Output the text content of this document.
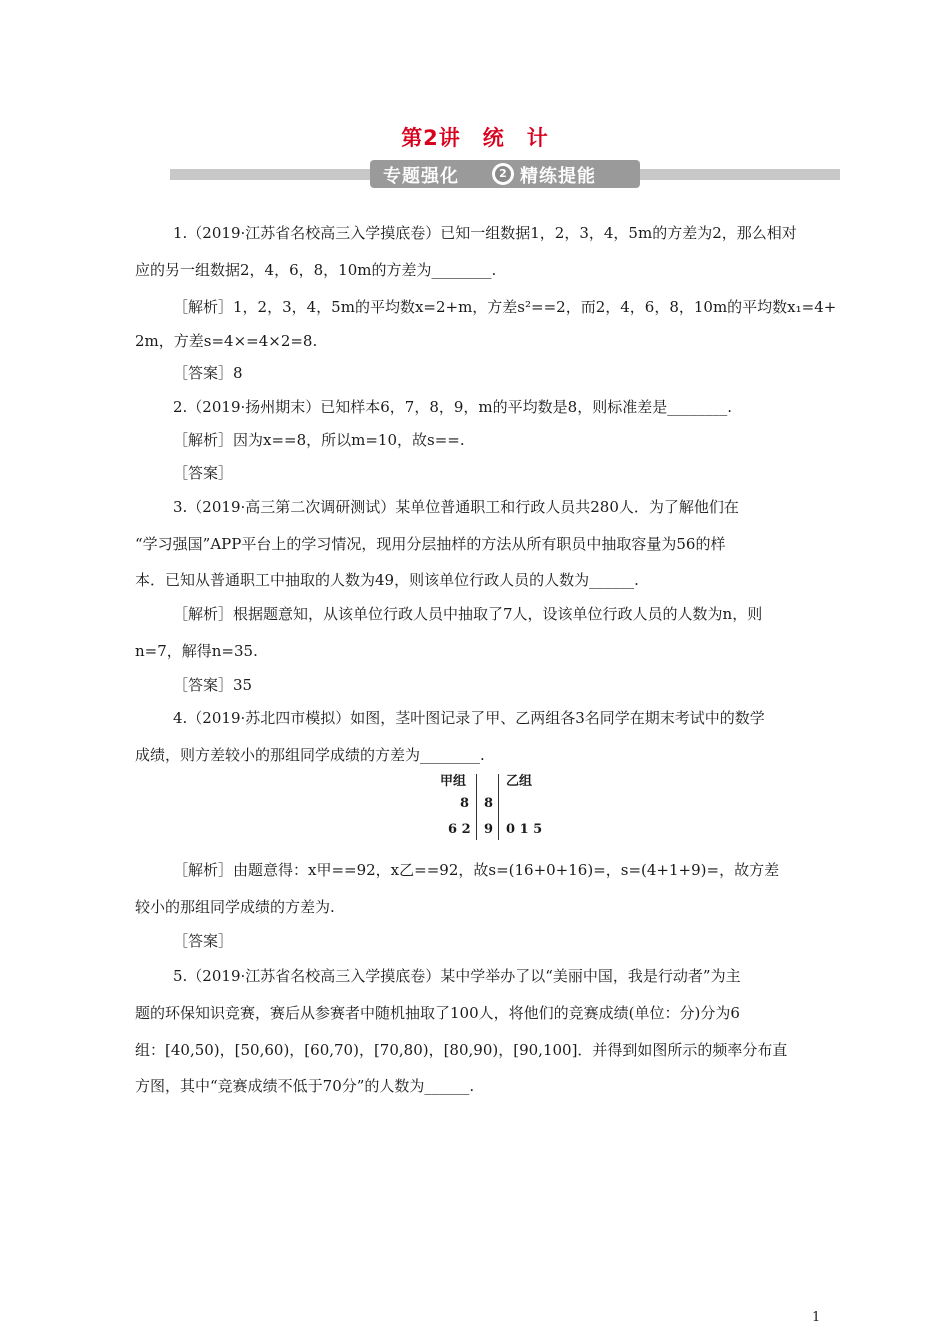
第2讲　统　计
专题强化	2 精练提能
1.（2019·江苏省名校高三入学摸底卷）已知一组数据1，2，3，4，5m的方差为2，那么相对
应的另一组数据2，4，6，8，10m的方差为________.
［解析］1，2，3，4，5m的平均数x=2+m，方差s²==2，而2，4，6，8，10m的平均数x₁=4+
2m，方差s=4×=4×2=8.
［答案］8
2.（2019·扬州期末）已知样本6，7，8，9，m的平均数是8，则标准差是________.
［解析］因为x==8，所以m=10，故s==.
［答案］
3.（2019·高三第二次调研测试）某单位普通职工和行政人员共280人．为了解他们在
“学习强国”APP平台上的学习情况，现用分层抽样的方法从所有职员中抽取容量为56的样
本．已知从普通职工中抽取的人数为49，则该单位行政人员的人数为______.
［解析］根据题意知，从该单位行政人员中抽取了7人，设该单位行政人员的人数为n，则
n=7，解得n=35.
［答案］35
4.（2019·苏北四市模拟）如图，茎叶图记录了甲、乙两组各3名同学在期末考试中的数学
成绩，则方差较小的那组同学成绩的方差为________.
甲组	乙组
8 8
6 2 9 0 1 5
［解析］由题意得：x甲==92，x乙==92，故s=(16+0+16)=，s=(4+1+9)=，故方差
较小的那组同学成绩的方差为.
［答案］
5.（2019·江苏省名校高三入学摸底卷）某中学举办了以“美丽中国，我是行动者”为主
题的环保知识竞赛，赛后从参赛者中随机抽取了100人，将他们的竞赛成绩(单位：分)分为6
组：[40,50)，[50,60)，[60,70)，[70,80)，[80,90)，[90,100]．并得到如图所示的频率分布直
方图，其中“竞赛成绩不低于70分”的人数为______.
1
